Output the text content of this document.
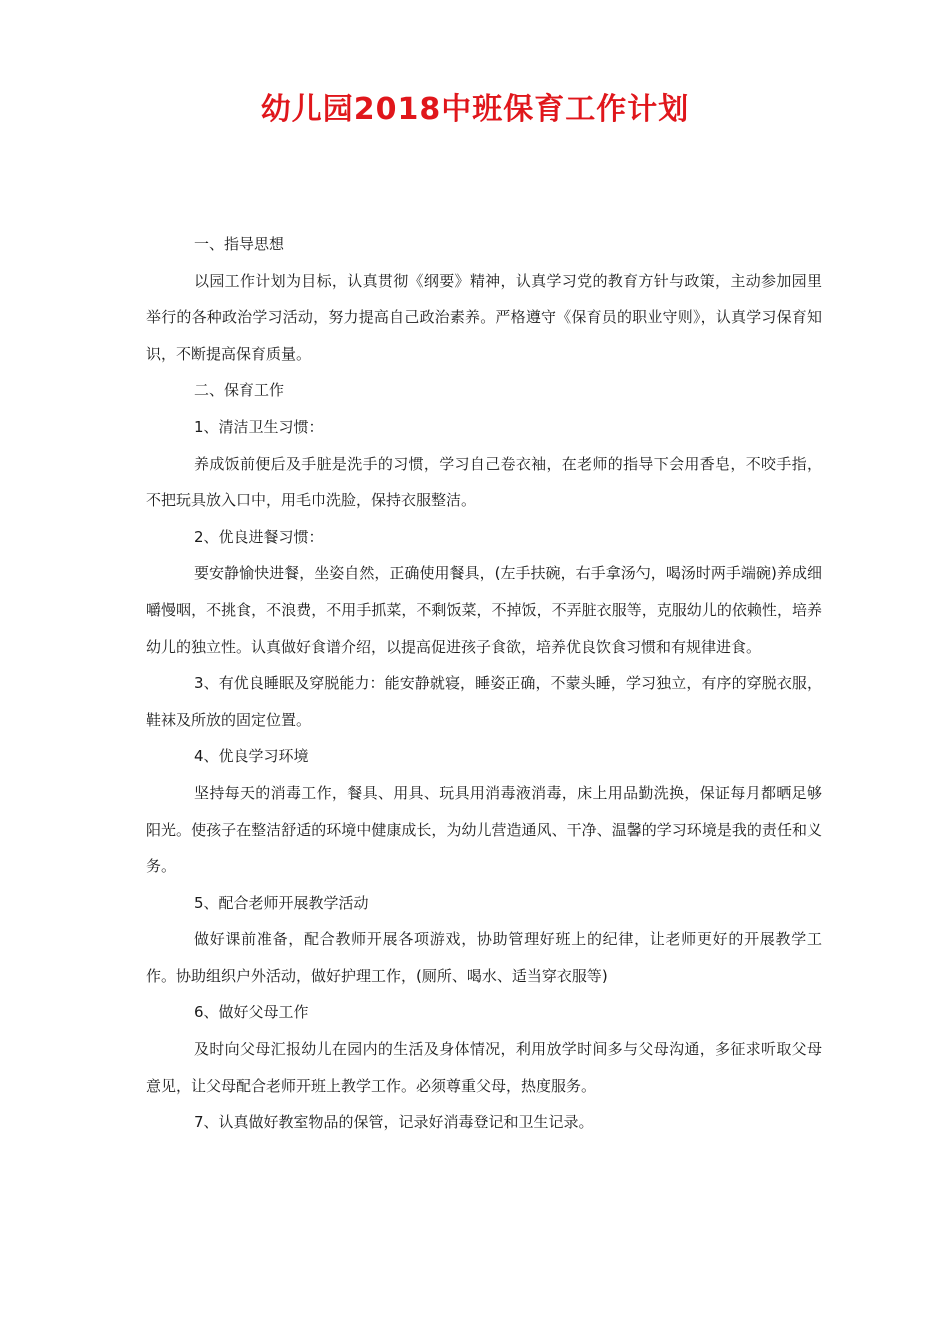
幼儿园2018中班保育工作计划

一、指导思想

以园工作计划为目标，认真贯彻《纲要》精神，认真学习党的教育方针与政策，主动参加园里举行的各种政治学习活动，努力提高自己政治素养。严格遵守《保育员的职业守则》，认真学习保育知识，不断提高保育质量。

二、保育工作

1、清洁卫生习惯：

养成饭前便后及手脏是洗手的习惯，学习自己卷衣袖，在老师的指导下会用香皂，不咬手指，不把玩具放入口中，用毛巾洗脸，保持衣服整洁。

2、优良进餐习惯：

要安静愉快进餐，坐姿自然，正确使用餐具，(左手扶碗，右手拿汤勺，喝汤时两手端碗)养成细嚼慢咽，不挑食，不浪费，不用手抓菜，不剩饭菜，不掉饭，不弄脏衣服等，克服幼儿的依赖性，培养幼儿的独立性。认真做好食谱介绍，以提高促进孩子食欲，培养优良饮食习惯和有规律进食。

3、有优良睡眠及穿脱能力：能安静就寝，睡姿正确，不蒙头睡，学习独立，有序的穿脱衣服，鞋袜及所放的固定位置。

4、优良学习环境

坚持每天的消毒工作，餐具、用具、玩具用消毒液消毒，床上用品勤洗换，保证每月都晒足够阳光。使孩子在整洁舒适的环境中健康成长，为幼儿营造通风、干净、温馨的学习环境是我的责任和义务。

5、配合老师开展教学活动

做好课前准备，配合教师开展各项游戏，协助管理好班上的纪律，让老师更好的开展教学工作。协助组织户外活动，做好护理工作，(厕所、喝水、适当穿衣服等)

6、做好父母工作

及时向父母汇报幼儿在园内的生活及身体情况，利用放学时间多与父母沟通，多征求听取父母意见，让父母配合老师开班上教学工作。必须尊重父母，热度服务。

7、认真做好教室物品的保管，记录好消毒登记和卫生记录。
